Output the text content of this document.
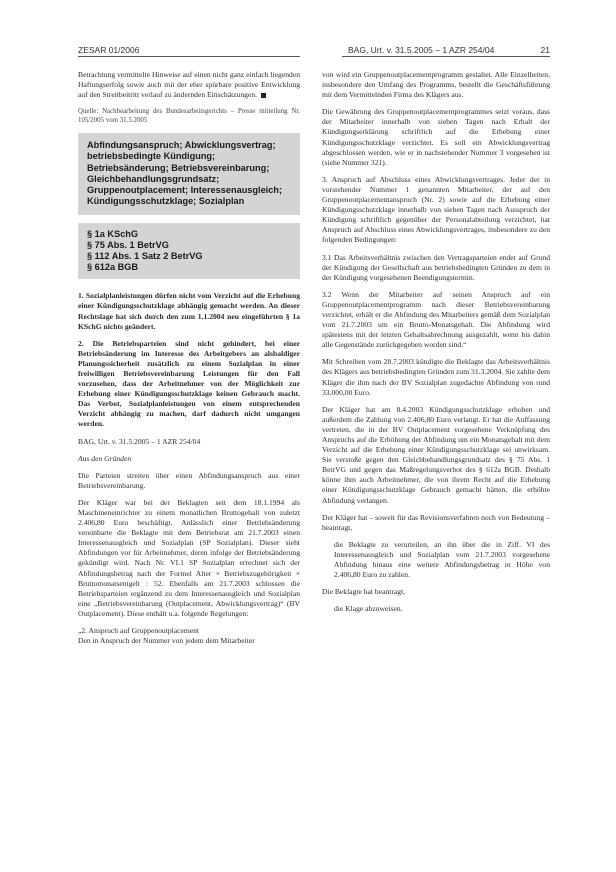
ZESAR 01/2006	BAG, Urt. v. 31.5.2005 – 1 AZR 254/04	21

Betrachtung vermittelte Hinweise auf einen nicht ganz einfach liegenden Haftungserfolg sowie auch mit der eher spürbare positive Entwicklung auf den Streitbeitritt verlauf zu ändernden Einschätzungen.

Quelle: Nachbearbeitung des Bundesarbeitsgerichts – Presse mitteilung Nr. 105/2005 vom 31.5.2005

Abfindungsanspruch; Abwicklungsvertrag; betriebsbedingte Kündigung; Betriebsänderung; Betriebsvereinbarung; Gleichbehandlungsgrundsatz; Gruppenoutplacement; Interessenausgleich; Kündigungsschutzklage; Sozialplan
§ 1a KSchG
§ 75 Abs. 1 BetrVG
§ 112 Abs. 1 Satz 2 BetrVG
§ 612a BGB

1. Sozialplanleistungen dürfen nicht vom Verzicht auf die Erhebung einer Kündigungsschutzklage abhängig gemacht werden. An dieser Rechtslage hat sich durch den zum 1.1.2004 neu eingeführten § 1a KSchG nichts geändert.

2. Die Betriebsparteien sind nicht gehindert, bei einer Betriebsänderung im Interesse des Arbeitgebers an alsbaldiger Planungssicherheit zusätzlich zu einem Sozialplan in einer freiwilligen Betriebsvereinbarung Leistungen für den Fall vorzusehen, dass der Arbeitnehmer von der Möglichkeit zur Erhebung einer Kündigungsschutzklage keinen Gebrauch macht. Das Verbot, Sozialplanleistungen von einem entsprechenden Verzicht abhängig zu machen, darf dadurch nicht umgangen werden.

BAG, Urt. v. 31.5.2005 – 1 AZR 254/04

Aus den Gründen

Die Parteien streiten über einen Abfindungsanspruch aus einer Betriebsvereinbarung.

Der Kläger war bei der Beklagten seit dem 18.1.1994 als Maschineneinrichter zu einem monatlichen Bruttogehalt von zuletzt 2.406,80 Euro beschäftigt. Anlässlich einer Betriebsänderung vereinbarte die Beklagte mit dem Betriebsrat am 21.7.2003 einen Interessenausgleich und Sozialplan (SP Sozialplan). Dieser sieht Abfindungen vor für Arbeitnehmer, deren infolge der Betriebsänderung gekündigt wird. Nach Nr. VI.1 SP Sozialplan errechnet sich der Abfindungsbetrag nach der Formel Alter × Betriebszugehörigkeit × Bruttomonatsentgelt : 52. Ebenfalls am 21.7.2003 schlossen die Betriebsparteien ergänzend zu dem Interessenausgleich und Sozialplan eine „Betriebsvereinbarung (Outplacement, Abwicklungsvertrag)“ (BV Outplacement). Diese enthält u.a. folgende Regelungen:

„2. Anspruch auf Gruppenoutplacement

Den in Anspruch der Nummer von jedem dem Mitarbeiter

von wird ein Gruppenoutplacementprogramm gestaltet. Alle Einzelheiten, insbesondere den Umfang des Programms, bestellt die Geschäftsführung mit dem Vermittelnden Firma des Klägers aus.

Die Gewährung des Gruppenoutplacementprogrammes setzt voraus, dass der Mitarbeiter innerhalb von sieben Tagen nach Erhalt der Kündigungserklärung schriftlich auf die Erhebung einer Kündigungsschutzklage verzichtet. Es soll ein Abwicklungsvertrag abgeschlossen werden, wie er in nachstehender Nummer 3 vorgesehen ist (siehe Nummer 321).

3. Anspruch auf Abschluss eines Abwicklungsvertrages. Jeder der in vorstehender Nummer 1 genannten Mitarbeiter, der auf den Gruppenoutplacementanspruch (Nr. 2) sowie auf die Erhebung einer Kündigungsschutzklage innerhalb von sieben Tagen nach Ausspruch der Kündigung schriftlich gegenüber der Personalabteilung verzichtet, hat Anspruch auf Abschluss eines Abwicklungsvertrages, insbesondere zu den folgenden Bedingungen:

3.1 Das Arbeitsverhältnis zwischen den Vertragsparteien endet auf Grund der Kündigung der Gesellschaft aus betriebsbedingten Gründen zu dem in der Kündigung vorgesehenen Beendigungstermin.

3.2 Wenn der Mitarbeiter auf seinen Anspruch auf ein Gruppenoutplacementprogramm nach dieser Betriebsvereinbarung verzichtet, erhält er die Abfindung des Mitarbeiters gemäß dem Sozialplan vom 21.7.2003 um ein Brutto-Monatsgehalt. Die Abfindung wird spätestens mit der letzten Gehaltsabrechnung ausgezahlt, wenn bis dahin alle Gegenstände zurückgegeben worden sind.“

Mit Schreiben vom 28.7.2003 kündigte die Beklagte das Arbeitsverhältnis des Klägers aus betriebsbedingten Gründen zum 31.3.2004. Sie zahlte dem Kläger die ihm nach der BV Sozialplan zugedachte Abfindung von rund 33.000,00 Euro.

Der Kläger hat am 8.4.2003 Kündigungsschutzklage erhoben und außerdem die Zahlung von 2.406,80 Euro verlangt. Er hat die Auffassung vertreten, die in der BV Outplacement vorgesehene Verknüpfung des Anspruchs auf die Erhöhung der Abfindung um ein Monatsgehalt mit dem Verzicht auf die Erhebung einer Kündigungsschutzklage sei unwirksam. Sie verstoße gegen den Gleichbehandlungsgrundsatz des § 75 Abs. 1 BetrVG und gegen das Maßregelungsverbot des § 612a BGB. Deshalb könne ihm auch Arbeitnehmer, die von ihrem Recht auf die Erhebung einer Kündigungsschutzklage Gebrauch gemacht hätten, die erhöhte Abfindung verlangen.

Der Kläger hat – soweit für das Revisionsverfahren noch von Bedeutung – beantragt,

die Beklagte zu verurteilen, an ihn über die in Ziff. VI des Interessenausgleich und Sozialplan vom 21.7.2003 vorgesehene Abfindung hinaus eine weitere Abfindungsbetrag in Höhe von 2.406,80 Euro zu zahlen.

Die Beklagte hat beantragt,

die Klage abzuweisen.
